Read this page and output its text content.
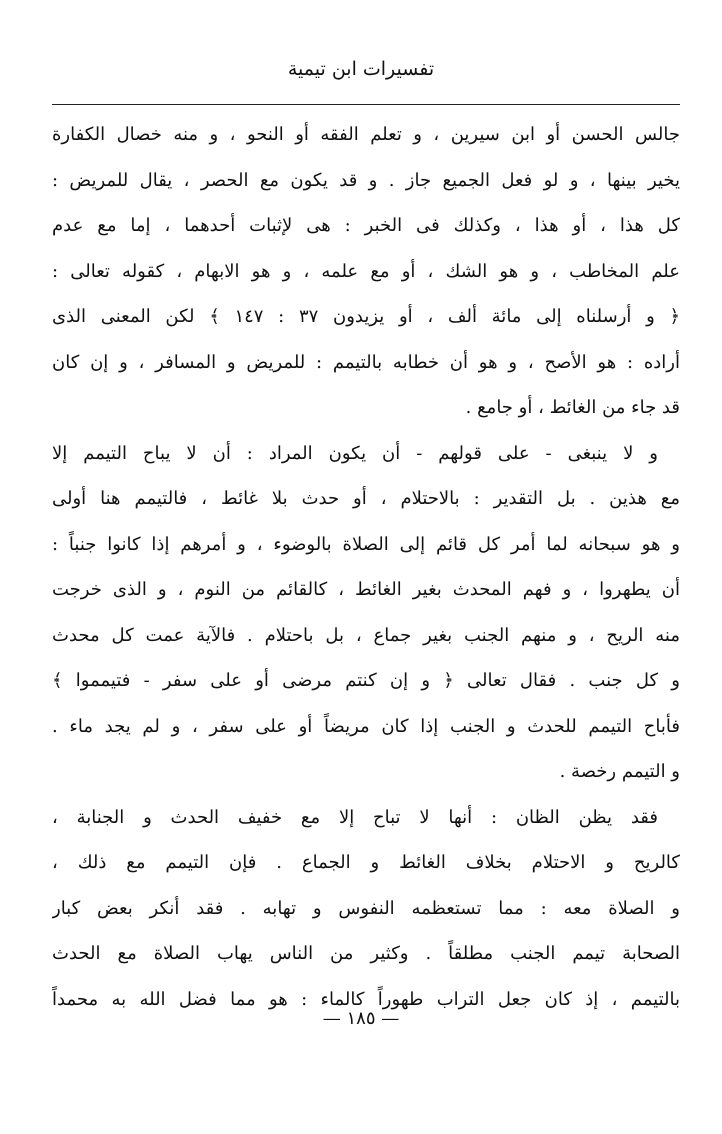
تفسيرات ابن تيمية
جالس الحسن أو ابن سيرين ، و تعلم الفقه أو النحو ، و منه خصال الكفارة
يخير بينها ، و لو فعل الجميع جاز . و قد يكون مع الحصر ، يقال للمريض :
كل هذا ، أو هذا ، وكذلك فى الخبر : هى لإثبات أحدهما ، إما مع عدم
علم المخاطب ، و هو الشك ، أو مع علمه ، و هو الابهام ، كقوله تعالى :
﴿ و أرسلناه إلى مائة ألف ، أو يزيدون ٣٧ : ١٤٧ ﴾ لكن المعنى الذى
أراده : هو الأصح ، و هو أن خطابه بالتيمم : للمريض و المسافر ، و إن كان
قد جاء من الغائط ، أو جامع .
و لا ينبغى - على قولهم - أن يكون المراد : أن لا يباح التيمم إلا
مع هذين . بل التقدير : بالاحتلام ، أو حدث بلا غائط ، فالتيمم هنا أولى
و هو سبحانه لما أمر كل قائم إلى الصلاة بالوضوء ، و أمرهم إذا كانوا جنباً :
أن يطهروا ، و فهم المحدث بغير الغائط ، كالقائم من النوم ، و الذى خرجت
منه الريح ، و منهم الجنب بغير جماع ، بل باحتلام . فالآية عمت كل محدث
و كل جنب . فقال تعالى ﴿ و إن كنتم مرضى أو على سفر - فتيمموا ﴾
فأباح التيمم للحدث و الجنب إذا كان مريضاً أو على سفر ، و لم يجد ماء .
و التيمم رخصة .
فقد يظن الظان : أنها لا تباح إلا مع خفيف الحدث و الجنابة ،
كالريح و الاحتلام بخلاف الغائط و الجماع . فإن التيمم مع ذلك ،
و الصلاة معه : مما تستعظمه النفوس و تهابه . فقد أنكر بعض كبار
الصحابة تيمم الجنب مطلقاً . وكثير من الناس يهاب الصلاة مع الحدث
بالتيمم ، إذ كان جعل التراب طهوراً كالماء : هو مما فضل الله به محمداً
— ١٨٥ —
